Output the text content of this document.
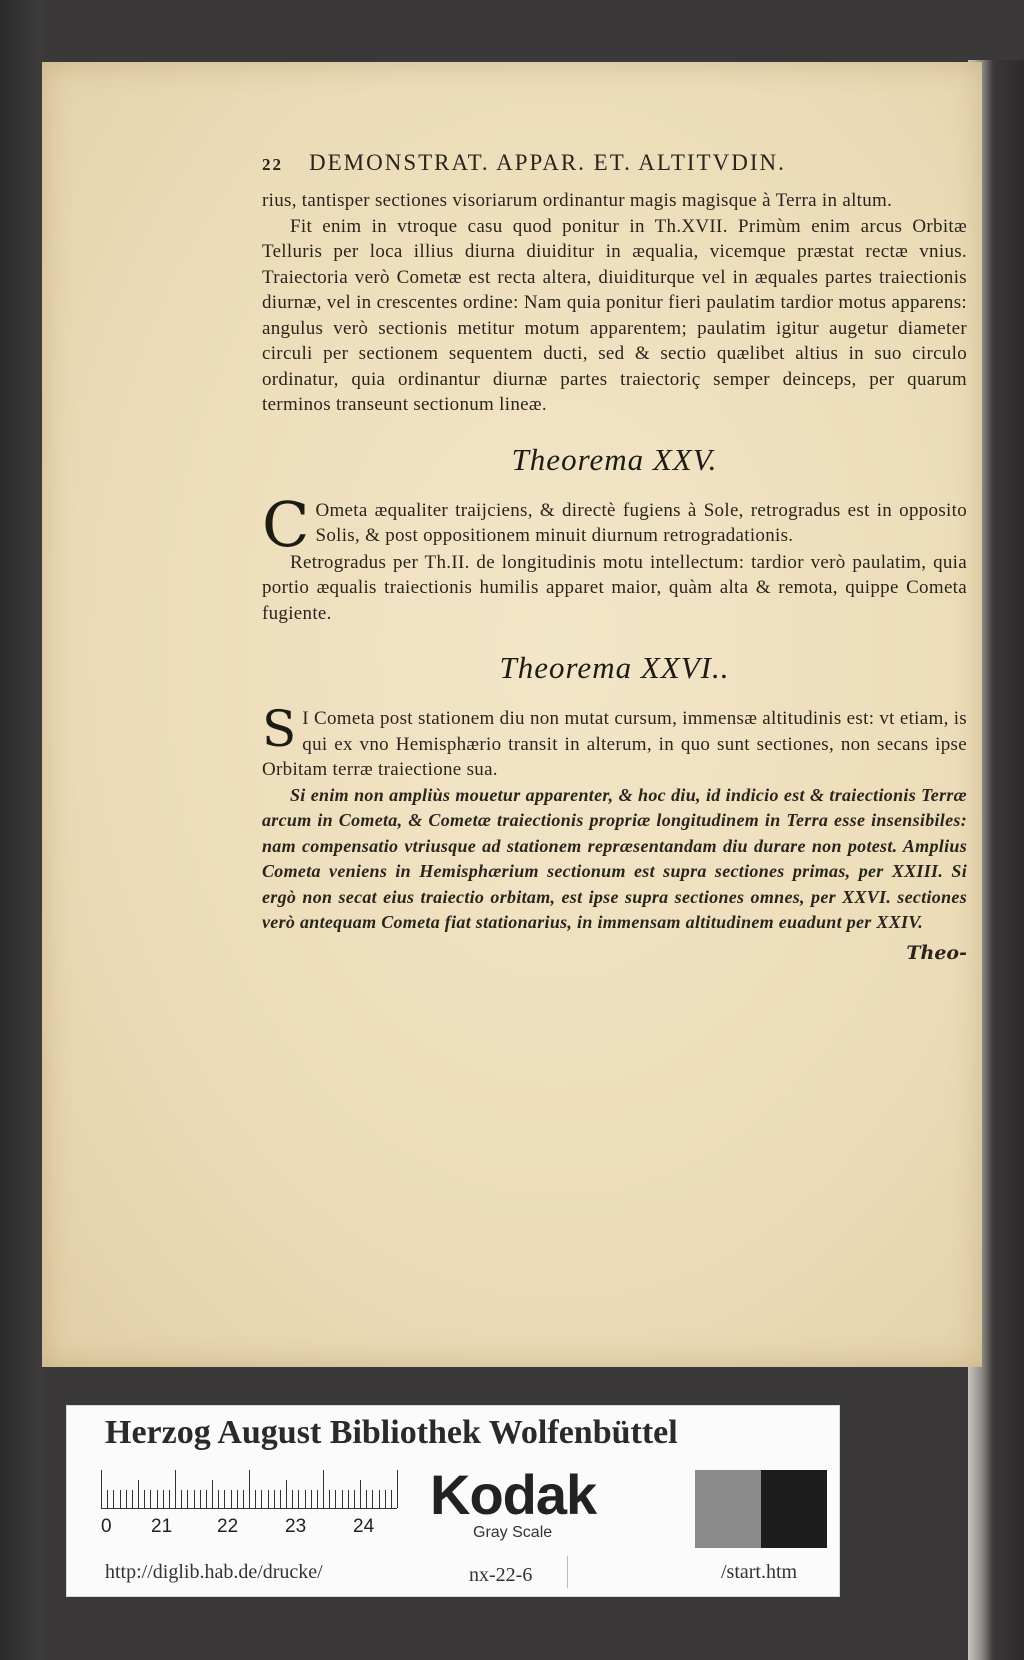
22 DEMONSTRAT. APPAR. ET. ALTITVDIN.

rius, tantisper sectiones visoriarum ordinantur magis magisque à Terra in altum.

Fit enim in vtroque casu quod ponitur in Th.XVII. Primùm enim arcus Orbitæ Telluris per loca illius diurna diuiditur in æqualia, vicemque præstat rectæ vnius. Traiectoria verò Cometæ est recta altera, diuiditurque vel in æquales partes traiectionis diurnæ, vel in crescentes ordine: Nam quia ponitur fieri paulatim tardior motus apparens: angulus verò sectionis metitur motum apparentem; paulatim igitur augetur diameter circuli per sectionem sequentem ducti, sed & sectio quælibet altius in suo circulo ordinatur, quia ordinantur diurnæ partes traiectoriç semper deinceps, per quarum terminos transeunt sectionum lineæ.

Theorema XXV.
C Ometa æqualiter traijciens, & directè fugiens à Sole, retrogradus est in opposito Solis, & post oppositionem minuit diurnum retrogradationis.

Retrogradus per Th.II. de longitudinis motu intellectum: tardior verò paulatim, quia portio æqualis traiectionis humilis apparet maior, quàm alta & remota, quippe Cometa fugiente.

Theorema XXVI..
S I Cometa post stationem diu non mutat cursum, immensæ altitudinis est: vt etiam, is qui ex vno Hemisphærio transit in alterum, in quo sunt sectiones, non secans ipse Orbitam terræ traiectione sua.

Si enim non ampliùs mouetur apparenter, & hoc diu, id indicio est & traiectionis Terræ arcum in Cometa, & Cometæ traiectionis propriæ longitudinem in Terra esse insensibiles: nam compensatio vtriusque ad stationem repræsentandam diu durare non potest. Amplius Cometa veniens in Hemisphærium sectionum est supra sectiones primas, per XXIII. Si ergò non secat eius traiectio orbitam, est ipse supra sectiones omnes, per XXVI. sectiones verò antequam Cometa fiat stationarius, in immensam altitudinem euadunt per XXIV.

Theo-
Herzog August Bibliothek Wolfenbüttel
0 21 22 23 24
Kodak
Gray Scale
http://diglib.hab.de/drucke/	nx-22-6	/start.htm
